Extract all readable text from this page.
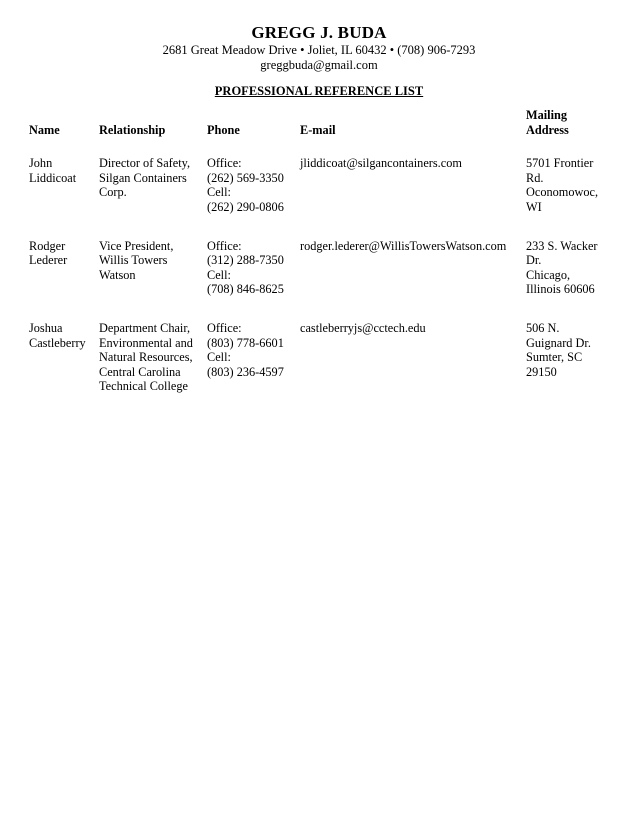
GREGG J. BUDA
2681 Great Meadow Drive • Joliet, IL 60432 • (708) 906-7293
greggbuda@gmail.com
PROFESSIONAL REFERENCE LIST
Name	Relationship	Phone	E-mail	Mailing
Address

John
Liddicoat	Director of Safety,
Silgan Containers
Corp.	Office:
(262) 569-3350
Cell:
(262) 290-0806	jliddicoat@silgancontainers.com	5701 Frontier
Rd.
Oconomowoc,
WI

Rodger
Lederer	Vice President,
Willis Towers
Watson	Office:
(312) 288-7350
Cell:
(708) 846-8625	rodger.lederer@WillisTowersWatson.com	233 S. Wacker
Dr.
Chicago,
Illinois 60606

Joshua
Castleberry	Department Chair,
Environmental and
Natural Resources,
Central Carolina
Technical College	Office:
(803) 778-6601
Cell:
(803) 236-4597	castleberryjs@cctech.edu	506 N.
Guignard Dr.
Sumter, SC
29150
